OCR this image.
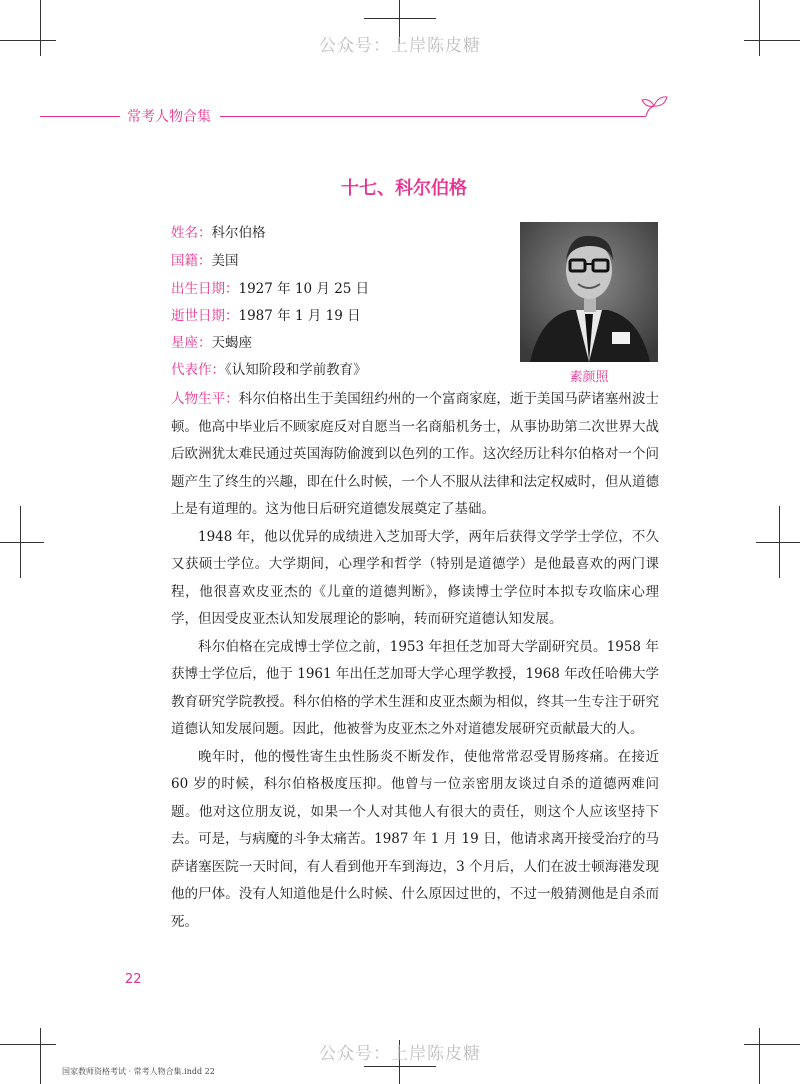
公众号：上岸陈皮糖
常考人物合集
十七、科尔伯格
姓名：科尔伯格
国籍：美国
出生日期：1927 年 10 月 25 日
逝世日期：1987 年 1 月 19 日
星座：天蝎座
代表作：《认知阶段和学前教育》	素颜照

人物生平：科尔伯格出生于美国纽约州的一个富商家庭，逝于美国马萨诸塞州波士顿。他高中毕业后不顾家庭反对自愿当一名商船机务士，从事协助第二次世界大战后欧洲犹太难民通过英国海防偷渡到以色列的工作。这次经历让科尔伯格对一个问题产生了终生的兴趣，即在什么时候，一个人不服从法律和法定权威时，但从道德上是有道理的。这为他日后研究道德发展奠定了基础。

1948 年，他以优异的成绩进入芝加哥大学，两年后获得文学学士学位，不久又获硕士学位。大学期间，心理学和哲学（特别是道德学）是他最喜欢的两门课程，他很喜欢皮亚杰的《儿童的道德判断》，修读博士学位时本拟专攻临床心理学，但因受皮亚杰认知发展理论的影响，转而研究道德认知发展。

科尔伯格在完成博士学位之前，1953 年担任芝加哥大学副研究员。1958 年获博士学位后，他于 1961 年出任芝加哥大学心理学教授，1968 年改任哈佛大学教育研究学院教授。科尔伯格的学术生涯和皮亚杰颇为相似，终其一生专注于研究道德认知发展问题。因此，他被誉为皮亚杰之外对道德发展研究贡献最大的人。

晚年时，他的慢性寄生虫性肠炎不断发作，使他常常忍受胃肠疼痛。在接近 60 岁的时候，科尔伯格极度压抑。他曾与一位亲密朋友谈过自杀的道德两难问题。他对这位朋友说，如果一个人对其他人有很大的责任，则这个人应该坚持下去。可是，与病魔的斗争太痛苦。1987 年 1 月 19 日，他请求离开接受治疗的马萨诸塞医院一天时间，有人看到他开车到海边，3 个月后，人们在波士顿海港发现他的尸体。没有人知道他是什么时候、什么原因过世的，不过一般猜测他是自杀而死。

22
公众号：上岸陈皮糖
国家教师资格考试 · 常考人物合集.indd 22
